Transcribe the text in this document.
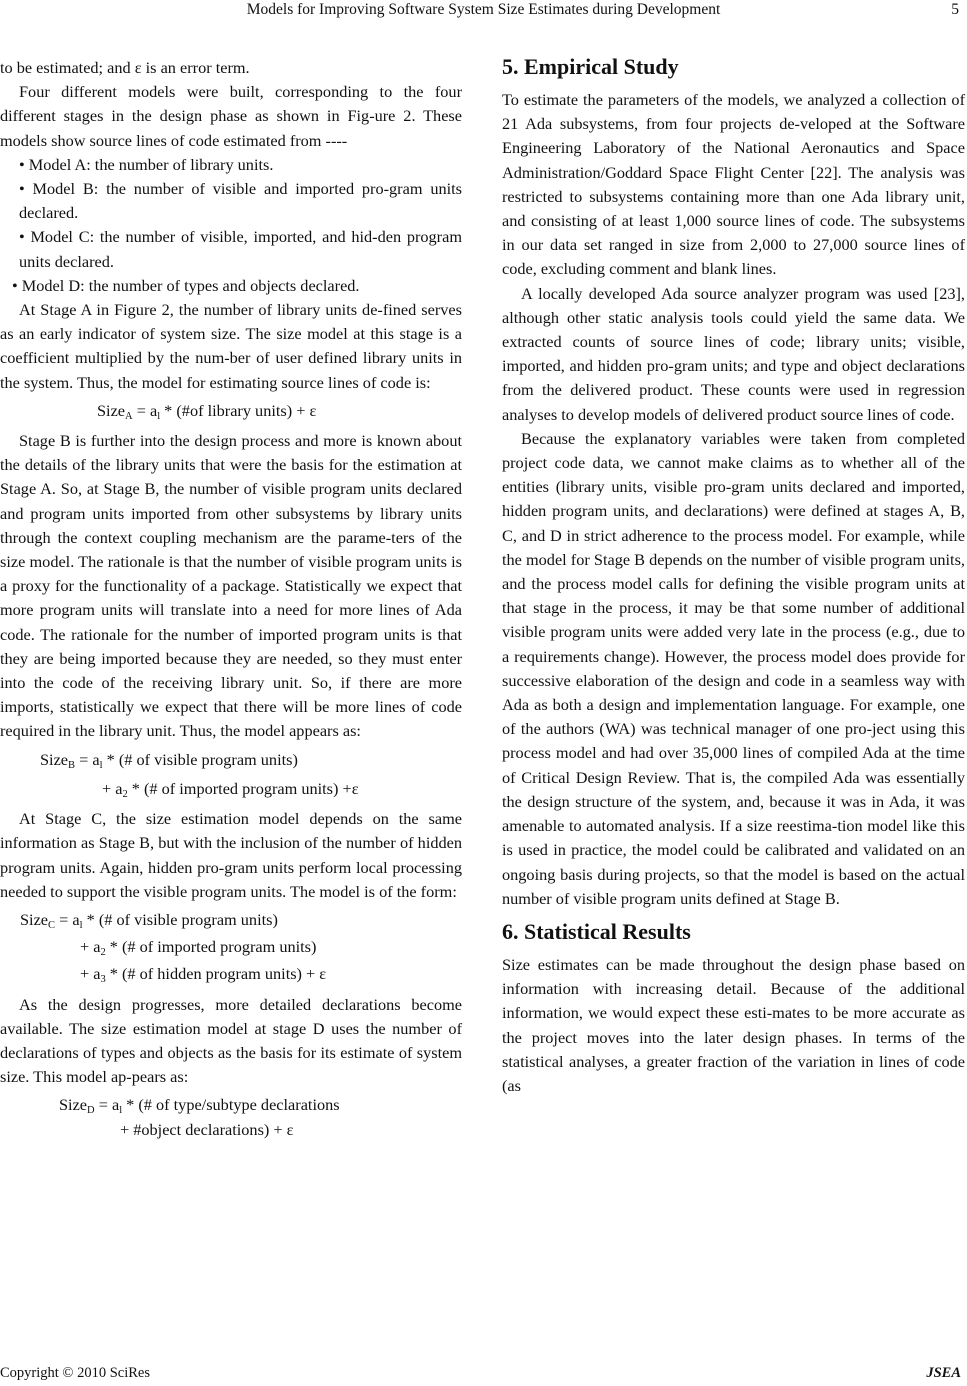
Models for Improving Software System Size Estimates during Development	5

to be estimated; and ε is an error term.

Four different models were built, corresponding to the four different stages in the design phase as shown in Fig-ure 2. These models show source lines of code estimated from ----

• Model A: the number of library units.

• Model B: the number of visible and imported pro-gram units declared.

• Model C: the number of visible, imported, and hid-den program units declared.

• Model D: the number of types and objects declared.

At Stage A in Figure 2, the number of library units de-fined serves as an early indicator of system size. The size model at this stage is a coefficient multiplied by the num-ber of user defined library units in the system. Thus, the model for estimating source lines of code is:

Size$_A$ = $a_l$ * (#of library units) + ε

Stage B is further into the design process and more is known about the details of the library units that were the basis for the estimation at Stage A. So, at Stage B, the number of visible program units declared and program units imported from other subsystems by library units through the context coupling mechanism are the parame-ters of the size model. The rationale is that the number of visible program units is a proxy for the functionality of a package. Statistically we expect that more program units will translate into a need for more lines of Ada code. The rationale for the number of imported program units is that they are being imported because they are needed, so they must enter into the code of the receiving library unit. So, if there are more imports, statistically we expect that there will be more lines of code required in the library unit. Thus, the model appears as:

Size$_B$ = $a_l$ * (# of visible program units)
+ $a_2$ * (# of imported program units) +ε

At Stage C, the size estimation model depends on the same information as Stage B, but with the inclusion of the number of hidden program units. Again, hidden pro-gram units perform local processing needed to support the visible program units. The model is of the form:

Size$_C$ = $a_l$ * (# of visible program units)
+ $a_2$ * (# of imported program units)
+ $a_3$ * (# of hidden program units) + ε

As the design progresses, more detailed declarations become available. The size estimation model at stage D uses the number of declarations of types and objects as the basis for its estimate of system size. This model ap-pears as:

Size$_D$ = $a_l$ * (# of type/subtype declarations
+ #object declarations) + ε
5. Empirical Study

To estimate the parameters of the models, we analyzed a collection of 21 Ada subsystems, from four projects de-veloped at the Software Engineering Laboratory of the National Aeronautics and Space Administration/Goddard Space Flight Center [22]. The analysis was restricted to subsystems containing more than one Ada library unit, and consisting of at least 1,000 source lines of code. The subsystems in our data set ranged in size from 2,000 to 27,000 source lines of code, excluding comment and blank lines.

A locally developed Ada source analyzer program was used [23], although other static analysis tools could yield the same data. We extracted counts of source lines of code; library units; visible, imported, and hidden pro-gram units; and type and object declarations from the delivered product. These counts were used in regression analyses to develop models of delivered product source lines of code.

Because the explanatory variables were taken from completed project code data, we cannot make claims as to whether all of the entities (library units, visible pro-gram units declared and imported, hidden program units, and declarations) were defined at stages A, B, C, and D in strict adherence to the process model. For example, while the model for Stage B depends on the number of visible program units, and the process model calls for defining the visible program units at that stage in the process, it may be that some number of additional visible program units were added very late in the process (e.g., due to a requirements change). However, the process model does provide for successive elaboration of the design and code in a seamless way with Ada as both a design and implementation language. For example, one of the authors (WA) was technical manager of one pro-ject using this process model and had over 35,000 lines of compiled Ada at the time of Critical Design Review. That is, the compiled Ada was essentially the design structure of the system, and, because it was in Ada, it was amenable to automated analysis. If a size reestima-tion model like this is used in practice, the model could be calibrated and validated on an ongoing basis during projects, so that the model is based on the actual number of visible program units defined at Stage B.

6. Statistical Results

Size estimates can be made throughout the design phase based on information with increasing detail. Because of the additional information, we would expect these esti-mates to be more accurate as the project moves into the later design phases. In terms of the statistical analyses, a greater fraction of the variation in lines of code (as

Copyright © 2010 SciRes	JSEA
